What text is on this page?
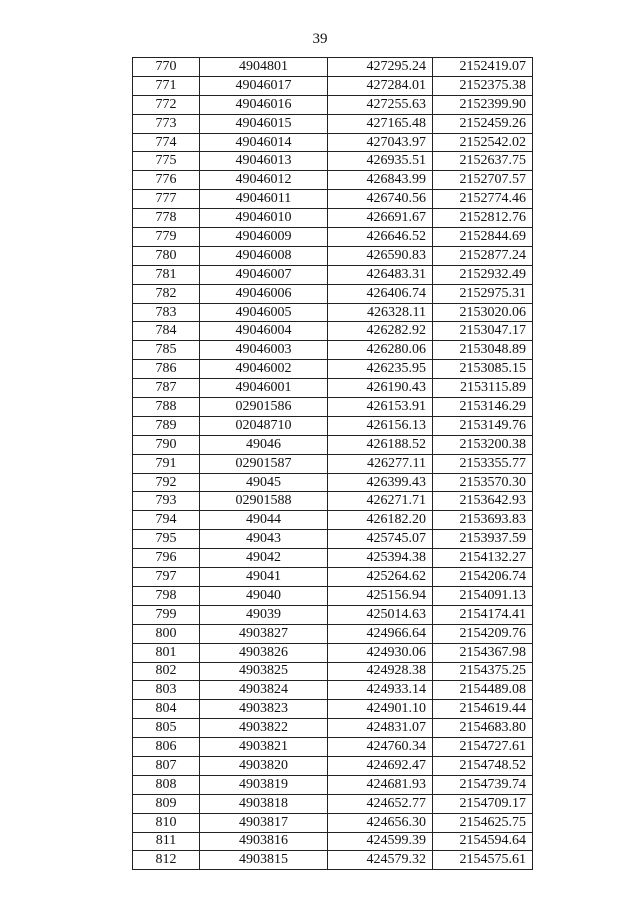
39
770	4904801	427295.24	2152419.07
771	49046017	427284.01	2152375.38
772	49046016	427255.63	2152399.90
773	49046015	427165.48	2152459.26
774	49046014	427043.97	2152542.02
775	49046013	426935.51	2152637.75
776	49046012	426843.99	2152707.57
777	49046011	426740.56	2152774.46
778	49046010	426691.67	2152812.76
779	49046009	426646.52	2152844.69
780	49046008	426590.83	2152877.24
781	49046007	426483.31	2152932.49
782	49046006	426406.74	2152975.31
783	49046005	426328.11	2153020.06
784	49046004	426282.92	2153047.17
785	49046003	426280.06	2153048.89
786	49046002	426235.95	2153085.15
787	49046001	426190.43	2153115.89
788	02901586	426153.91	2153146.29
789	02048710	426156.13	2153149.76
790	49046	426188.52	2153200.38
791	02901587	426277.11	2153355.77
792	49045	426399.43	2153570.30
793	02901588	426271.71	2153642.93
794	49044	426182.20	2153693.83
795	49043	425745.07	2153937.59
796	49042	425394.38	2154132.27
797	49041	425264.62	2154206.74
798	49040	425156.94	2154091.13
799	49039	425014.63	2154174.41
800	4903827	424966.64	2154209.76
801	4903826	424930.06	2154367.98
802	4903825	424928.38	2154375.25
803	4903824	424933.14	2154489.08
804	4903823	424901.10	2154619.44
805	4903822	424831.07	2154683.80
806	4903821	424760.34	2154727.61
807	4903820	424692.47	2154748.52
808	4903819	424681.93	2154739.74
809	4903818	424652.77	2154709.17
810	4903817	424656.30	2154625.75
811	4903816	424599.39	2154594.64
812	4903815	424579.32	2154575.61
